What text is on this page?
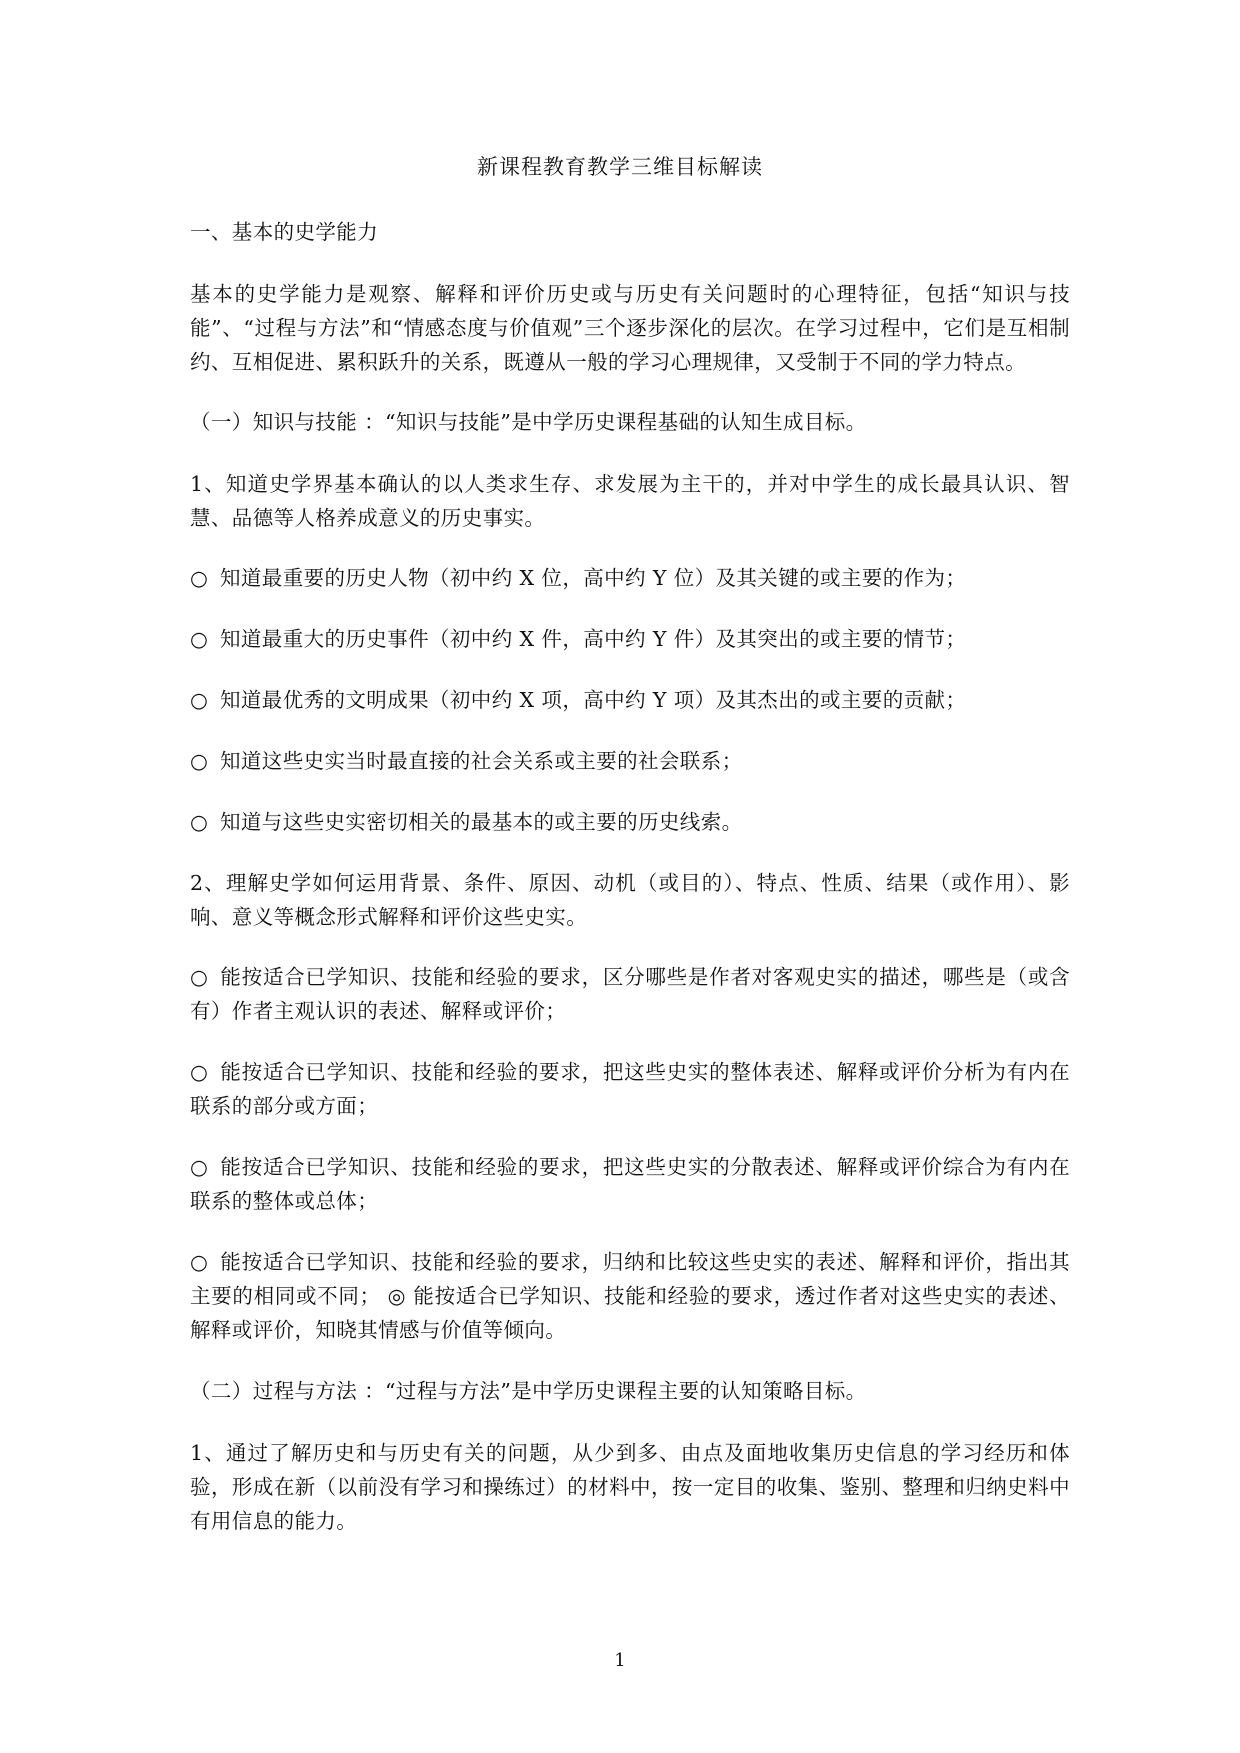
新课程教育教学三维目标解读
一、基本的史学能力
基本的史学能力是观察、解释和评价历史或与历史有关问题时的心理特征，包括“知识与技能”、“过程与方法”和“情感态度与价值观”三个逐步深化的层次。在学习过程中，它们是互相制约、互相促进、累积跃升的关系，既遵从一般的学习心理规律，又受制于不同的学力特点。
（一）知识与技能 ：“知识与技能”是中学历史课程基础的认知生成目标。
1、知道史学界基本确认的以人类求生存、求发展为主干的，并对中学生的成长最具认识、智慧、品德等人格养成意义的历史事实。
○ 知道最重要的历史人物（初中约 X 位，高中约 Y 位）及其关键的或主要的作为；
○ 知道最重大的历史事件（初中约 X 件，高中约 Y 件）及其突出的或主要的情节；
○ 知道最优秀的文明成果（初中约 X 项，高中约 Y 项）及其杰出的或主要的贡献；
○ 知道这些史实当时最直接的社会关系或主要的社会联系；
○ 知道与这些史实密切相关的最基本的或主要的历史线索。
2、理解史学如何运用背景、条件、原因、动机（或目的）、特点、性质、结果（或作用）、影响、意义等概念形式解释和评价这些史实。
○ 能按适合已学知识、技能和经验的要求，区分哪些是作者对客观史实的描述，哪些是（或含有）作者主观认识的表述、解释或评价；
○ 能按适合已学知识、技能和经验的要求，把这些史实的整体表述、解释或评价分析为有内在联系的部分或方面；
○ 能按适合已学知识、技能和经验的要求，把这些史实的分散表述、解释或评价综合为有内在联系的整体或总体；
○ 能按适合已学知识、技能和经验的要求，归纳和比较这些史实的表述、解释和评价，指出其主要的相同或不同； ◎ 能按适合已学知识、技能和经验的要求，透过作者对这些史实的表述、解释或评价，知晓其情感与价值等倾向。
（二）过程与方法 ：“过程与方法”是中学历史课程主要的认知策略目标。
1、通过了解历史和与历史有关的问题，从少到多、由点及面地收集历史信息的学习经历和体验，形成在新（以前没有学习和操练过）的材料中，按一定目的收集、鉴别、整理和归纳史料中有用信息的能力。
1
